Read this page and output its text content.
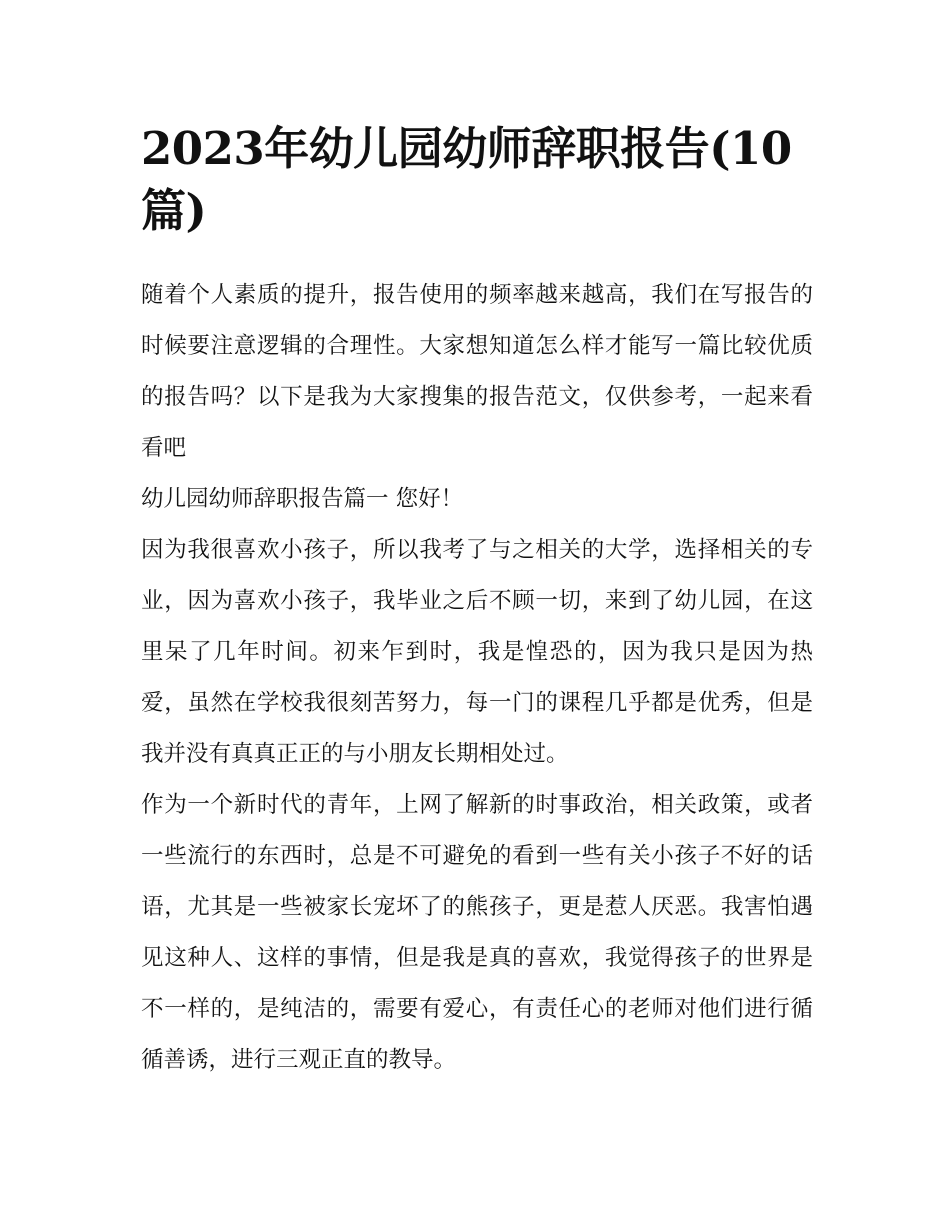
2023年幼儿园幼师辞职报告(10篇)

随着个人素质的提升，报告使用的频率越来越高，我们在写报告的时候要注意逻辑的合理性。大家想知道怎么样才能写一篇比较优质的报告吗？以下是我为大家搜集的报告范文，仅供参考，一起来看看吧

幼儿园幼师辞职报告篇一 您好！

因为我很喜欢小孩子，所以我考了与之相关的大学，选择相关的专业，因为喜欢小孩子，我毕业之后不顾一切，来到了幼儿园，在这里呆了几年时间。初来乍到时，我是惶恐的，因为我只是因为热爱，虽然在学校我很刻苦努力，每一门的课程几乎都是优秀，但是我并没有真真正正的与小朋友长期相处过。

作为一个新时代的青年，上网了解新的时事政治，相关政策，或者一些流行的东西时，总是不可避免的看到一些有关小孩子不好的话语，尤其是一些被家长宠坏了的熊孩子，更是惹人厌恶。我害怕遇见这种人、这样的事情，但是我是真的喜欢，我觉得孩子的世界是不一样的，是纯洁的，需要有爱心，有责任心的老师对他们进行循循善诱，进行三观正直的教导。
